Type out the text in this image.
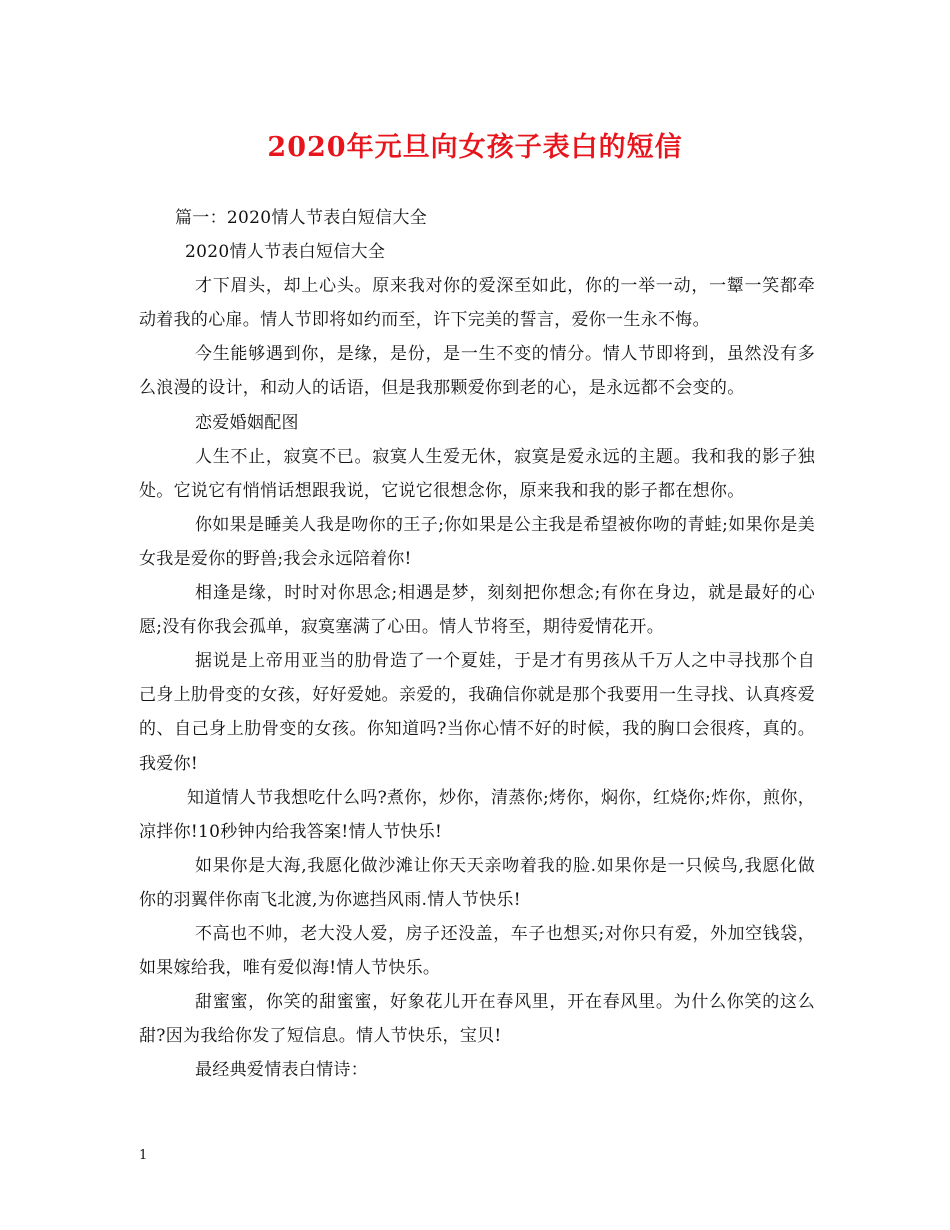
2020年元旦向女孩子表白的短信

篇一：2020情人节表白短信大全

2020情人节表白短信大全

才下眉头，却上心头。原来我对你的爱深至如此，你的一举一动，一颦一笑都牵动着我的心扉。情人节即将如约而至，许下完美的誓言，爱你一生永不悔。

今生能够遇到你，是缘，是份，是一生不变的情分。情人节即将到，虽然没有多么浪漫的设计，和动人的话语，但是我那颗爱你到老的心，是永远都不会变的。

恋爱婚姻配图

人生不止，寂寞不已。寂寞人生爱无休，寂寞是爱永远的主题。我和我的影子独处。它说它有悄悄话想跟我说，它说它很想念你，原来我和我的影子都在想你。

你如果是睡美人我是吻你的王子;你如果是公主我是希望被你吻的青蛙;如果你是美女我是爱你的野兽;我会永远陪着你!

相逢是缘，时时对你思念;相遇是梦，刻刻把你想念;有你在身边，就是最好的心愿;没有你我会孤单，寂寞塞满了心田。情人节将至，期待爱情花开。

据说是上帝用亚当的肋骨造了一个夏娃，于是才有男孩从千万人之中寻找那个自己身上肋骨变的女孩，好好爱她。亲爱的，我确信你就是那个我要用一生寻找、认真疼爱的、自己身上肋骨变的女孩。你知道吗?当你心情不好的时候，我的胸口会很疼，真的。我爱你!

知道情人节我想吃什么吗?煮你，炒你，清蒸你;烤你，焖你，红烧你;炸你，煎你，凉拌你!10秒钟内给我答案!情人节快乐!

如果你是大海,我愿化做沙滩让你天天亲吻着我的脸.如果你是一只候鸟,我愿化做你的羽翼伴你南飞北渡,为你遮挡风雨.情人节快乐!

不高也不帅，老大没人爱，房子还没盖，车子也想买;对你只有爱，外加空钱袋，如果嫁给我，唯有爱似海!情人节快乐。

甜蜜蜜，你笑的甜蜜蜜，好象花儿开在春风里，开在春风里。为什么你笑的这么甜?因为我给你发了短信息。情人节快乐，宝贝!

最经典爱情表白情诗：

1
